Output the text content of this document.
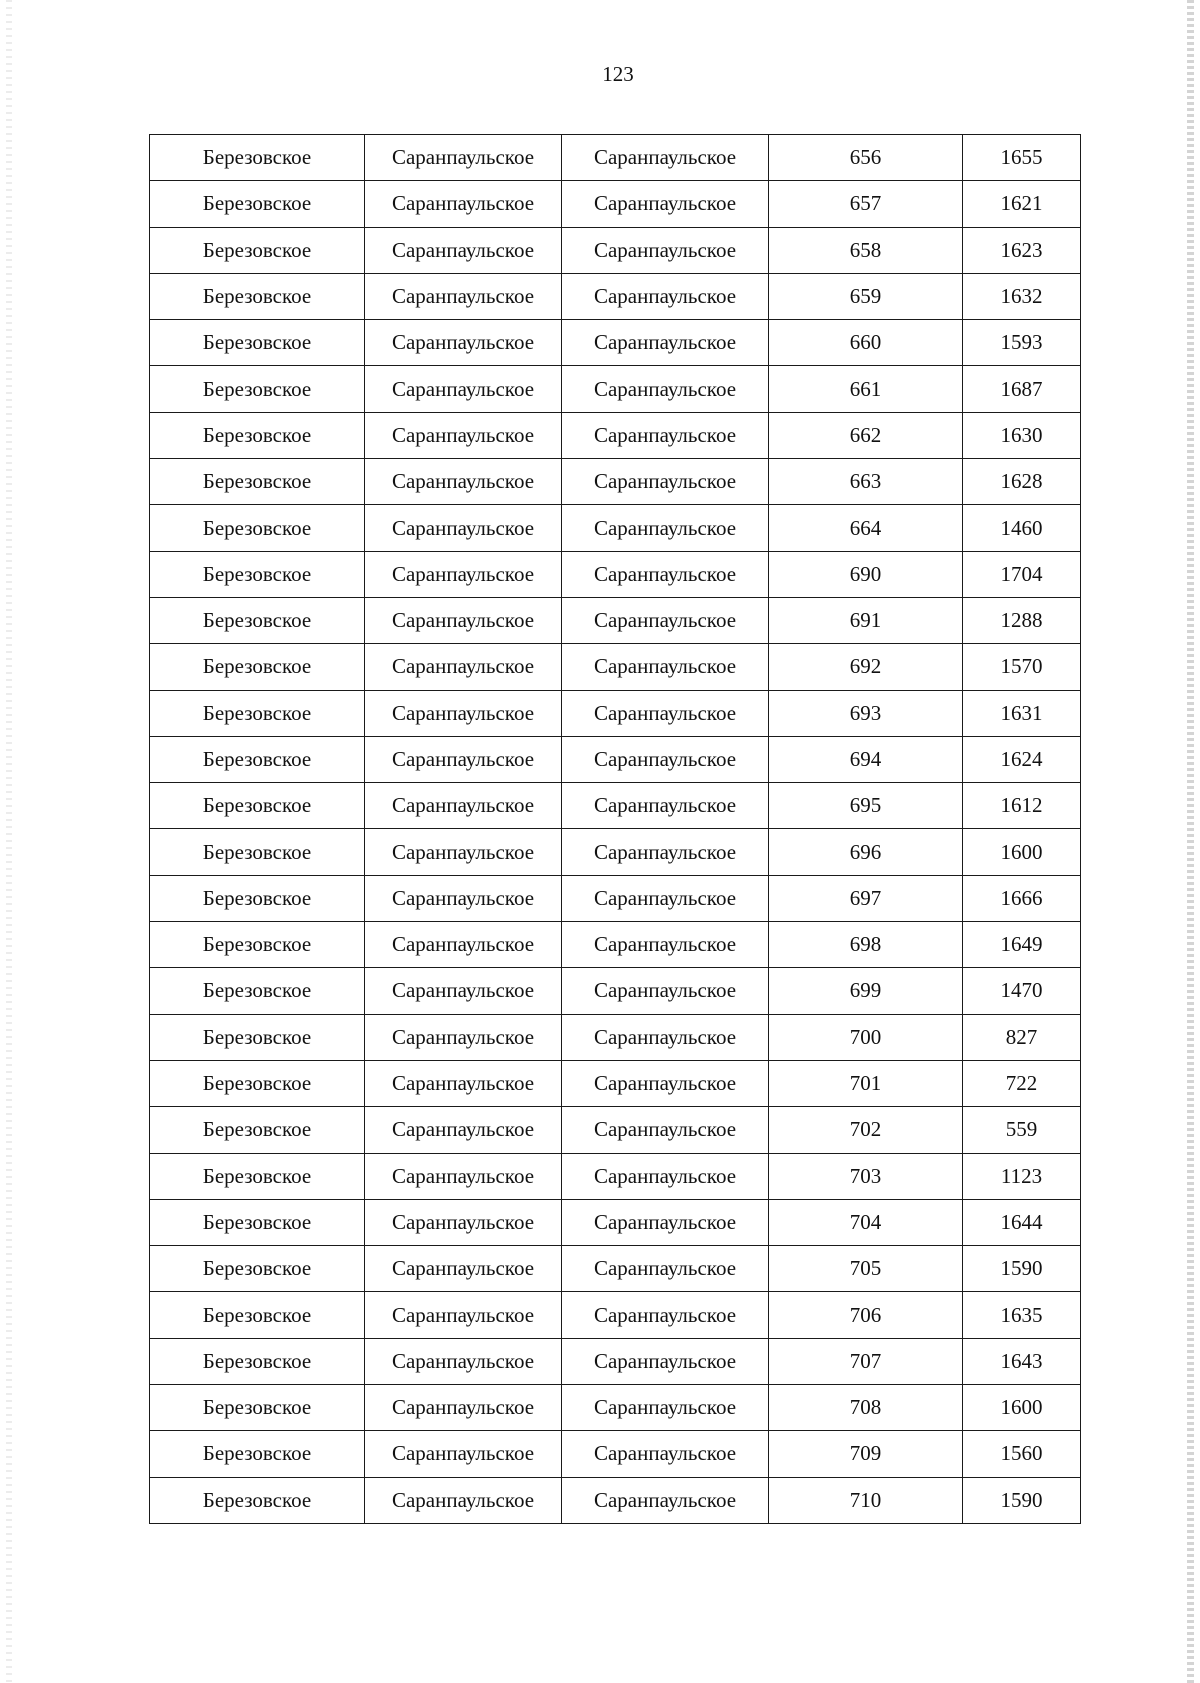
123
Березовское	Саранпаульское	Саранпаульское	656	1655
Березовское	Саранпаульское	Саранпаульское	657	1621
Березовское	Саранпаульское	Саранпаульское	658	1623
Березовское	Саранпаульское	Саранпаульское	659	1632
Березовское	Саранпаульское	Саранпаульское	660	1593
Березовское	Саранпаульское	Саранпаульское	661	1687
Березовское	Саранпаульское	Саранпаульское	662	1630
Березовское	Саранпаульское	Саранпаульское	663	1628
Березовское	Саранпаульское	Саранпаульское	664	1460
Березовское	Саранпаульское	Саранпаульское	690	1704
Березовское	Саранпаульское	Саранпаульское	691	1288
Березовское	Саранпаульское	Саранпаульское	692	1570
Березовское	Саранпаульское	Саранпаульское	693	1631
Березовское	Саранпаульское	Саранпаульское	694	1624
Березовское	Саранпаульское	Саранпаульское	695	1612
Березовское	Саранпаульское	Саранпаульское	696	1600
Березовское	Саранпаульское	Саранпаульское	697	1666
Березовское	Саранпаульское	Саранпаульское	698	1649
Березовское	Саранпаульское	Саранпаульское	699	1470
Березовское	Саранпаульское	Саранпаульское	700	827
Березовское	Саранпаульское	Саранпаульское	701	722
Березовское	Саранпаульское	Саранпаульское	702	559
Березовское	Саранпаульское	Саранпаульское	703	1123
Березовское	Саранпаульское	Саранпаульское	704	1644
Березовское	Саранпаульское	Саранпаульское	705	1590
Березовское	Саранпаульское	Саранпаульское	706	1635
Березовское	Саранпаульское	Саранпаульское	707	1643
Березовское	Саранпаульское	Саранпаульское	708	1600
Березовское	Саранпаульское	Саранпаульское	709	1560
Березовское	Саранпаульское	Саранпаульское	710	1590
